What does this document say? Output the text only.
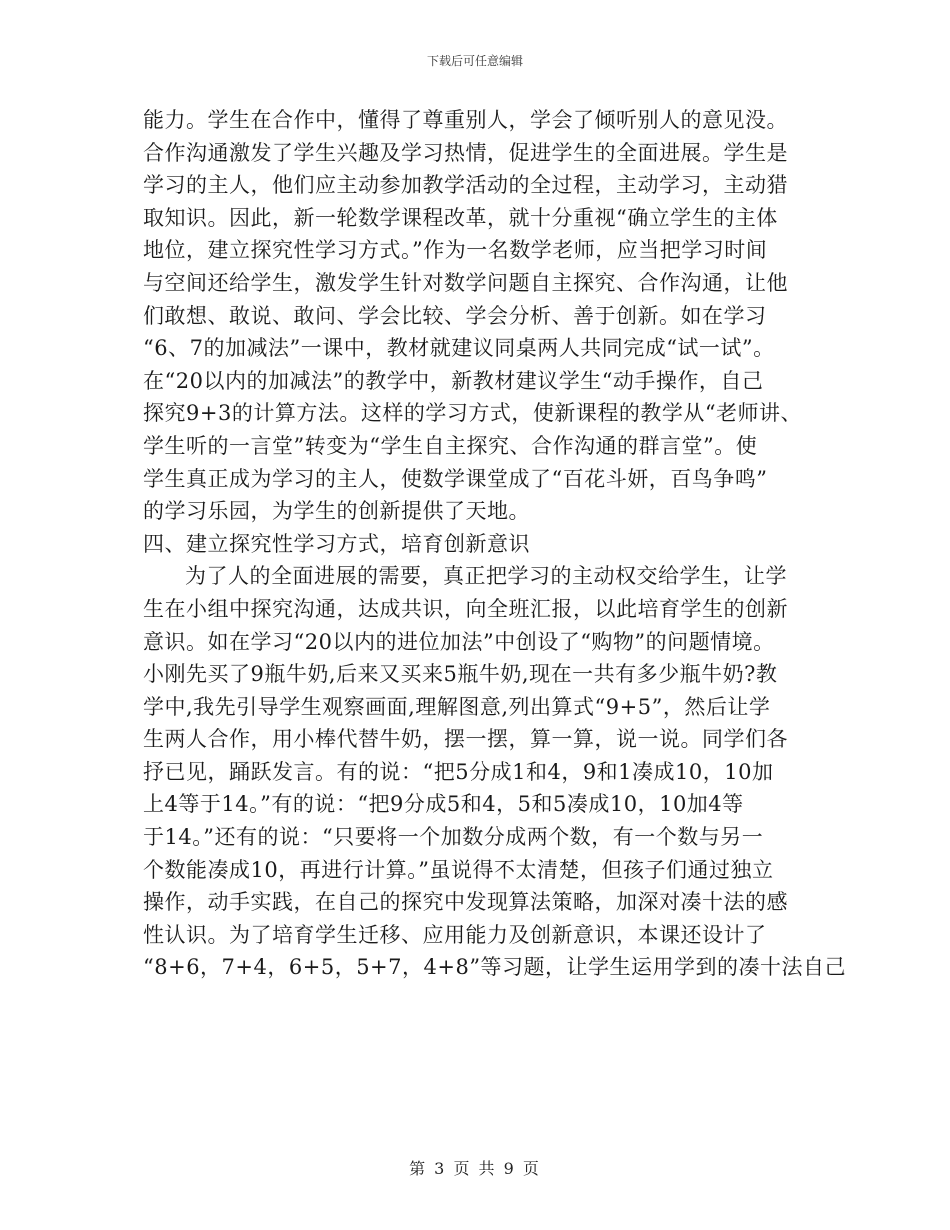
下载后可任意编辑
能力。学生在合作中，懂得了尊重别人，学会了倾听别人的意见没。
合作沟通激发了学生兴趣及学习热情，促进学生的全面进展。学生是
学习的主人，他们应主动参加教学活动的全过程，主动学习，主动猎
取知识。因此，新一轮数学课程改革，就十分重视“确立学生的主体
地位，建立探究性学习方式。”作为一名数学老师，应当把学习时间
与空间还给学生，激发学生针对数学问题自主探究、合作沟通，让他
们敢想、敢说、敢问、学会比较、学会分析、善于创新。如在学习
“6、7的加减法”一课中，教材就建议同桌两人共同完成“试一试”。
在“20以内的加减法”的教学中，新教材建议学生“动手操作，自己
探究9+3的计算方法。这样的学习方式，使新课程的教学从“老师讲、
学生听的一言堂”转变为“学生自主探究、合作沟通的群言堂”。使
学生真正成为学习的主人，使数学课堂成了“百花斗妍，百鸟争鸣”
的学习乐园，为学生的创新提供了天地。
四、建立探究性学习方式，培育创新意识
为了人的全面进展的需要，真正把学习的主动权交给学生，让学
生在小组中探究沟通，达成共识，向全班汇报，以此培育学生的创新
意识。如在学习“20以内的进位加法”中创设了“购物”的问题情境。
小刚先买了9瓶牛奶,后来又买来5瓶牛奶,现在一共有多少瓶牛奶?教
学中,我先引导学生观察画面,理解图意,列出算式“9+5”，然后让学
生两人合作，用小棒代替牛奶，摆一摆，算一算，说一说。同学们各
抒已见，踊跃发言。有的说：“把5分成1和4，9和1凑成10，10加
上4等于14。”有的说：“把9分成5和4，5和5凑成10，10加4等
于14。”还有的说：“只要将一个加数分成两个数，有一个数与另一
个数能凑成10，再进行计算。”虽说得不太清楚，但孩子们通过独立
操作，动手实践，在自己的探究中发现算法策略，加深对凑十法的感
性认识。为了培育学生迁移、应用能力及创新意识，本课还设计了
“8+6，7+4，6+5，5+7，4+8”等习题，让学生运用学到的凑十法自己
第 3 页 共 9 页
